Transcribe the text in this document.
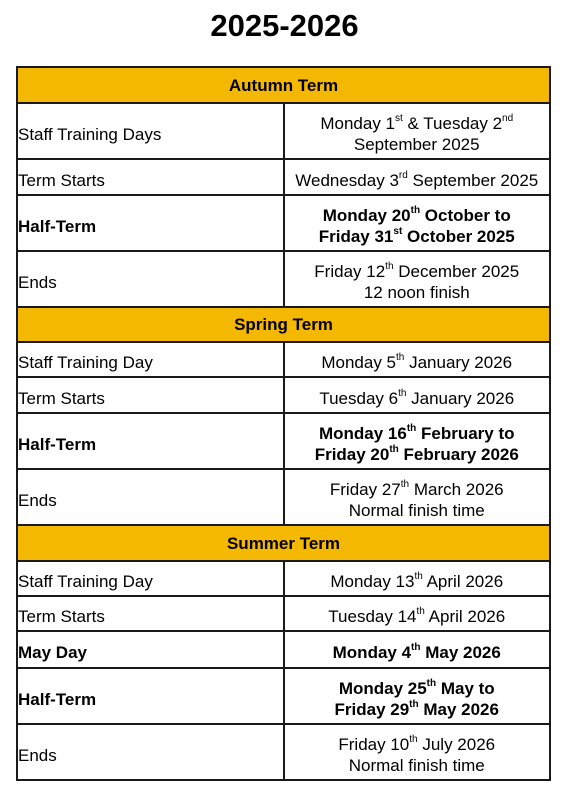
2025-2026
Autumn Term	

Staff Training Days	Monday 1st & Tuesday 2nd
September 2025

Term Starts	Wednesday 3rd September 2025

Half-Term	Monday 20th October to
Friday 31st October 2025

Ends	Friday 12th December 2025
12 noon finish

Spring Term	

Staff Training Day	Monday 5th January 2026

Term Starts	Tuesday 6th January 2026

Half-Term	Monday 16th February to
Friday 20th February 2026

Ends	Friday 27th March 2026
Normal finish time

Summer Term	

Staff Training Day	Monday 13th April 2026

Term Starts	Tuesday 14th April 2026

May Day	Monday 4th May 2026

Half-Term	Monday 25th May to
Friday 29th May 2026

Ends	Friday 10th July 2026
Normal finish time
